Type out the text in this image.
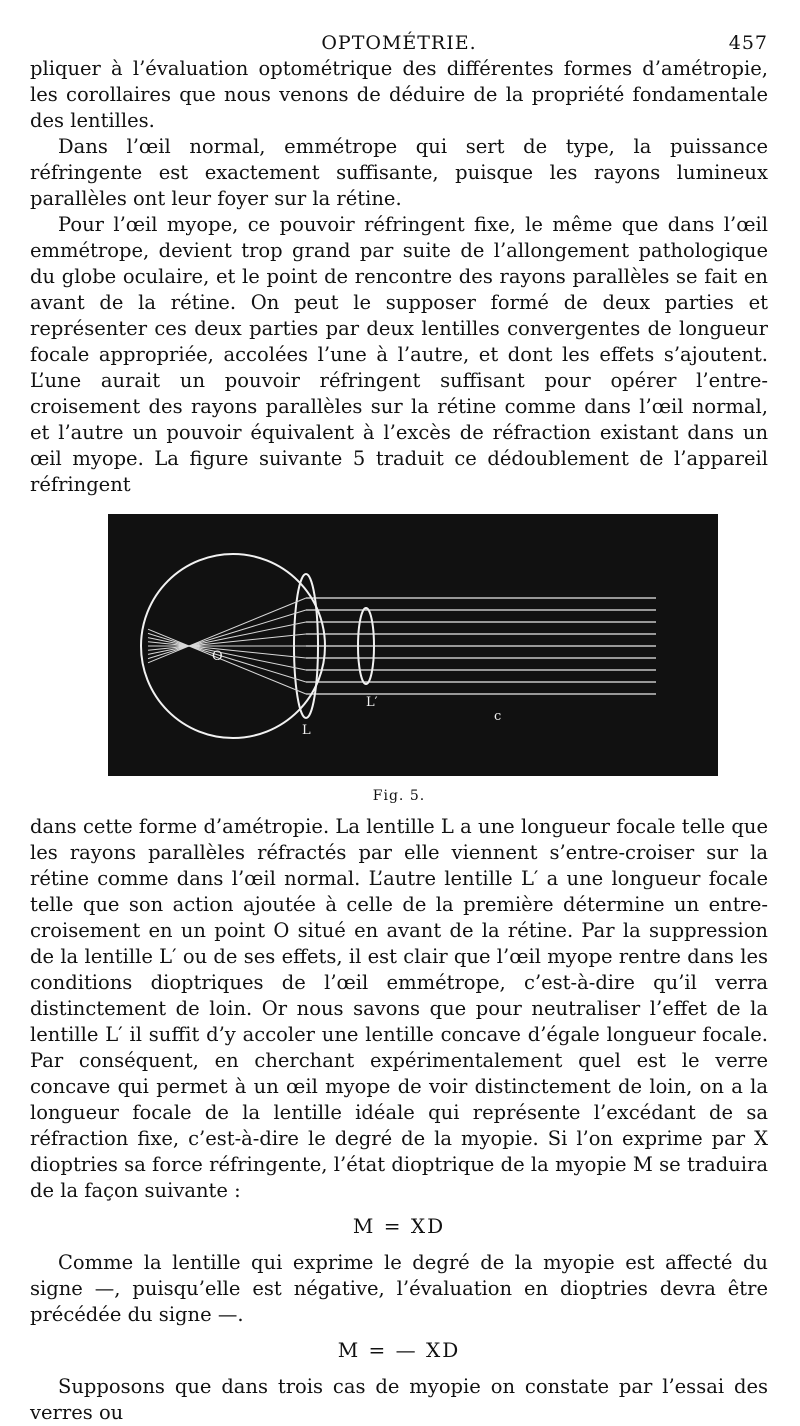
OPTOMÉTRIE.	457

pliquer à l’évaluation optométrique des différentes formes d’amétropie, les corollaires que nous venons de déduire de la propriété fondamentale des lentilles.

Dans l’œil normal, emmétrope qui sert de type, la puissance réfringente est exactement suffisante, puisque les rayons lumineux parallèles ont leur foyer sur la rétine.

Pour l’œil myope, ce pouvoir réfringent fixe, le même que dans l’œil emmétrope, devient trop grand par suite de l’allongement pathologique du globe oculaire, et le point de rencontre des rayons parallèles se fait en avant de la rétine. On peut le supposer formé de deux parties et représenter ces deux parties par deux lentilles convergentes de longueur focale appropriée, accolées l’une à l’autre, et dont les effets s’ajoutent. L’une aurait un pouvoir réfringent suffisant pour opérer l’entre-croisement des rayons parallèles sur la rétine comme dans l’œil normal, et l’autre un pouvoir équivalent à l’excès de réfraction existant dans un œil myope. La figure suivante 5 traduit ce dédoublement de l’appareil réfringent

O
L
L′
c
Fig. 5.

dans cette forme d’amétropie. La lentille L a une longueur focale telle que les rayons parallèles réfractés par elle viennent s’entre-croiser sur la rétine comme dans l’œil normal. L’autre lentille L′ a une longueur focale telle que son action ajoutée à celle de la première détermine un entre-croisement en un point O situé en avant de la rétine. Par la suppression de la lentille L′ ou de ses effets, il est clair que l’œil myope rentre dans les conditions dioptriques de l’œil emmétrope, c’est-à-dire qu’il verra distinctement de loin. Or nous savons que pour neutraliser l’effet de la lentille L′ il suffit d’y accoler une lentille concave d’égale longueur focale. Par conséquent, en cherchant expérimentalement quel est le verre concave qui permet à un œil myope de voir distinctement de loin, on a la longueur focale de la lentille idéale qui représente l’excédant de sa réfraction fixe, c’est-à-dire le degré de la myopie. Si l’on exprime par X dioptries sa force réfringente, l’état dioptrique de la myopie M se traduira de la façon suivante :

M = XD

Comme la lentille qui exprime le degré de la myopie est affecté du signe —, puisqu’elle est négative, l’évaluation en dioptries devra être précédée du signe —.

M = — XD

Supposons que dans trois cas de myopie on constate par l’essai des verres ou
